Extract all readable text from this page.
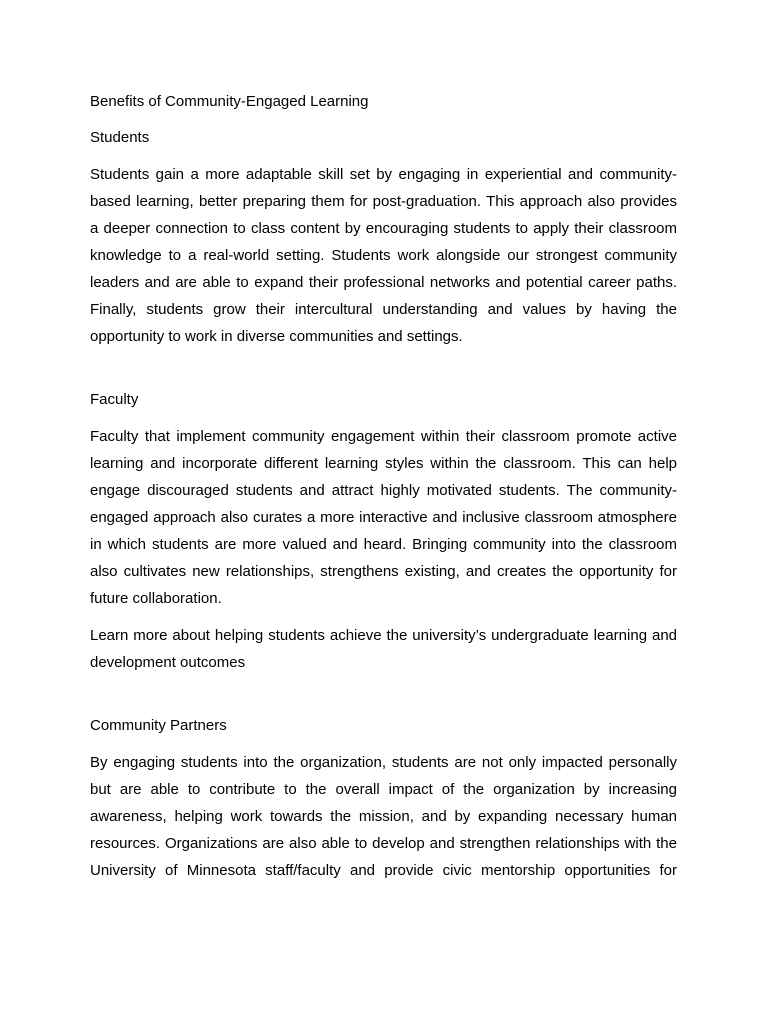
Benefits of Community-Engaged Learning
Students

Students gain a more adaptable skill set by engaging in experiential and community-based learning, better preparing them for post-graduation. This approach also provides a deeper connection to class content by encouraging students to apply their classroom knowledge to a real-world setting. Students work alongside our strongest community leaders and are able to expand their professional networks and potential career paths. Finally, students grow their intercultural understanding and values by having the opportunity to work in diverse communities and settings.

Faculty

Faculty that implement community engagement within their classroom promote active learning and incorporate different learning styles within the classroom. This can help engage discouraged students and attract highly motivated students. The community-engaged approach also curates a more interactive and inclusive classroom atmosphere in which students are more valued and heard. Bringing community into the classroom also cultivates new relationships, strengthens existing, and creates the opportunity for future collaboration.

Learn more about helping students achieve the university’s undergraduate learning and development outcomes

Community Partners

By engaging students into the organization, students are not only impacted personally but are able to contribute to the overall impact of the organization by increasing awareness, helping work towards the mission, and by expanding necessary human resources. Organizations are also able to develop and strengthen relationships with the University of Minnesota staff/faculty and provide civic mentorship opportunities for
